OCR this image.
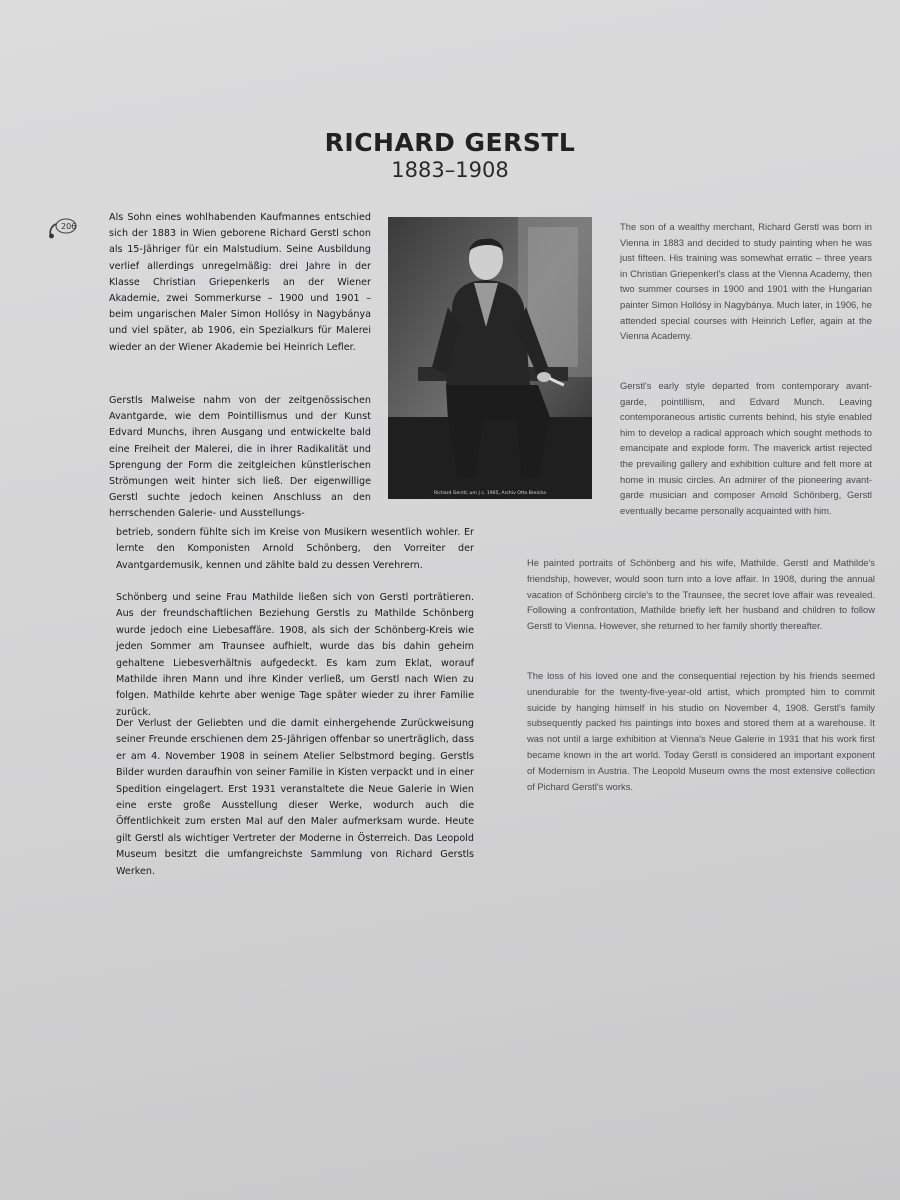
RICHARD GERSTL
1883–1908
206

Als Sohn eines wohlhabenden Kaufmannes entschied sich der 1883 in Wien geborene Richard Gerstl schon als 15-Jähriger für ein Malstudium. Seine Ausbildung verlief allerdings unregelmäßig: drei Jahre in der Klasse Christian Griepenkerls an der Wiener Akademie, zwei Sommerkurse – 1900 und 1901 – beim ungarischen Maler Simon Hollósy in Nagybánya und viel später, ab 1906, ein Spezialkurs für Malerei wieder an der Wiener Akademie bei Heinrich Lefler.

Gerstls Malweise nahm von der zeitgenössischen Avantgarde, wie dem Pointillismus und der Kunst Edvard Munchs, ihren Ausgang und entwickelte bald eine Freiheit der Malerei, die in ihrer Radikalität und Sprengung der Form die zeitgleichen künstlerischen Strömungen weit hinter sich ließ. Der eigenwillige Gerstl suchte jedoch keinen Anschluss an den herrschenden Galerie- und Ausstellungs-

betrieb, sondern fühlte sich im Kreise von Musikern wesentlich wohler. Er lernte den Komponisten Arnold Schönberg, den Vorreiter der Avantgardemusik, kennen und zählte bald zu dessen Verehrern.

Schönberg und seine Frau Mathilde ließen sich von Gerstl porträtieren. Aus der freundschaftlichen Beziehung Gerstls zu Mathilde Schönberg wurde jedoch eine Liebesaffäre. 1908, als sich der Schönberg-Kreis wie jeden Sommer am Traunsee aufhielt, wurde das bis dahin geheim gehaltene Liebesverhältnis aufgedeckt. Es kam zum Eklat, worauf Mathilde ihren Mann und ihre Kinder verließ, um Gerstl nach Wien zu folgen. Mathilde kehrte aber wenige Tage später wieder zu ihrer Familie zurück.

Der Verlust der Geliebten und die damit einhergehende Zurückweisung seiner Freunde erschienen dem 25-Jährigen offenbar so unerträglich, dass er am 4. November 1908 in seinem Atelier Selbstmord beging. Gerstls Bilder wurden daraufhin von seiner Familie in Kisten verpackt und in einer Spedition eingelagert. Erst 1931 veranstaltete die Neue Galerie in Wien eine erste große Ausstellung dieser Werke, wodurch auch die Öffentlichkeit zum ersten Mal auf den Maler aufmerksam wurde. Heute gilt Gerstl als wichtiger Vertreter der Moderne in Österreich. Das Leopold Museum besitzt die umfangreichste Sammlung von Richard Gerstls Werken.

Richard Gerstl, um | c. 1905, Archiv Otto Breicha

The son of a wealthy merchant, Richard Gerstl was born in Vienna in 1883 and decided to study painting when he was just fifteen. His training was somewhat erratic – three years in Christian Griepenkerl's class at the Vienna Academy, then two summer courses in 1900 and 1901 with the Hungarian painter Simon Hollósy in Nagybánya. Much later, in 1906, he attended special courses with Heinrich Lefler, again at the Vienna Academy.

Gerstl's early style departed from contemporary avant-garde, pointillism, and Edvard Munch. Leaving contemporaneous artistic currents behind, his style enabled him to develop a radical approach which sought methods to emancipate and explode form. The maverick artist rejected the prevailing gallery and exhibition culture and felt more at home in music circles. An admirer of the pioneering avant-garde musician and composer Arnold Schönberg, Gerstl eventually became personally acquainted with him.

He painted portraits of Schönberg and his wife, Mathilde. Gerstl and Mathilde's friendship, however, would soon turn into a love affair. In 1908, during the annual vacation of Schönberg circle's to the Traunsee, the secret love affair was revealed. Following a confrontation, Mathilde briefly left her husband and children to follow Gerstl to Vienna. However, she returned to her family shortly thereafter.

The loss of his loved one and the consequential rejection by his friends seemed unendurable for the twenty-five-year-old artist, which prompted him to commit suicide by hanging himself in his studio on November 4, 1908. Gerstl's family subsequently packed his paintings into boxes and stored them at a warehouse. It was not until a large exhibition at Vienna's Neue Galerie in 1931 that his work first became known in the art world. Today Gerstl is considered an important exponent of Modernism in Austria. The Leopold Museum owns the most extensive collection of Pichard Gerstl's works.
